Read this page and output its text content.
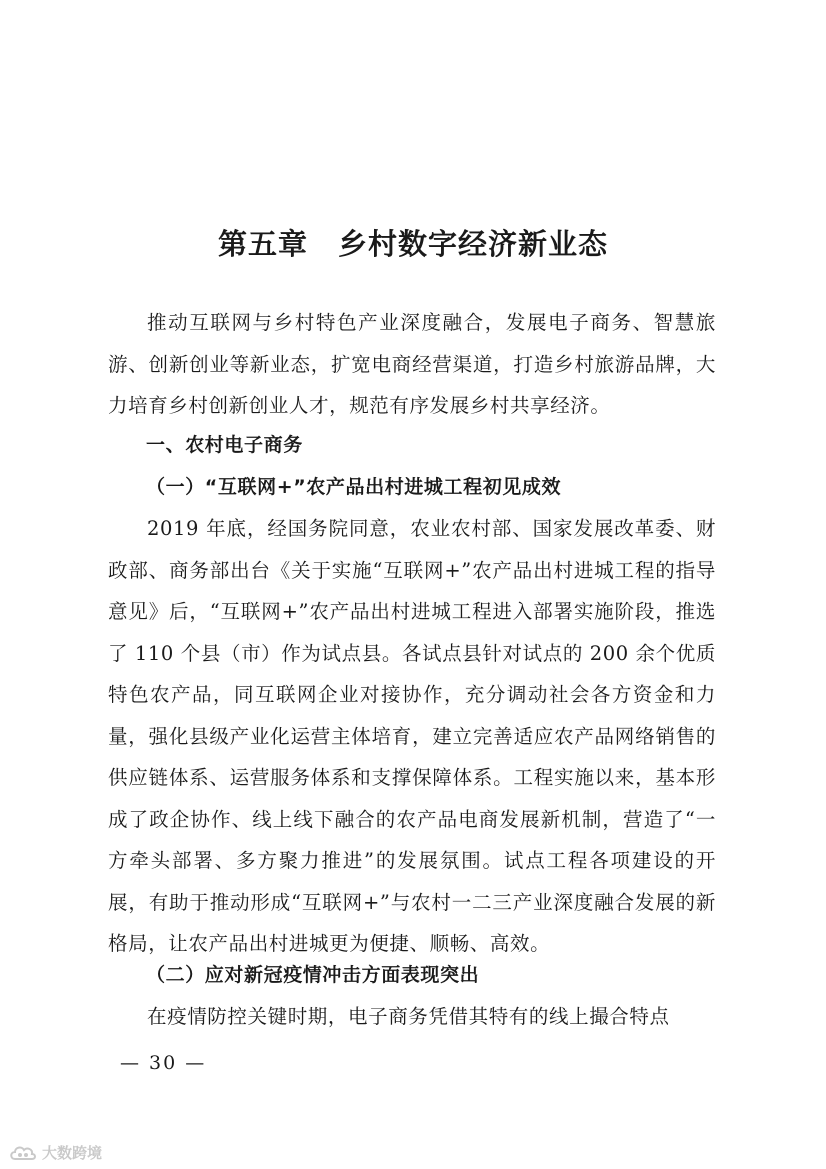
第五章　乡村数字经济新业态

推动互联网与乡村特色产业深度融合，发展电子商务、智慧旅游、创新创业等新业态，扩宽电商经营渠道，打造乡村旅游品牌，大力培育乡村创新创业人才，规范有序发展乡村共享经济。

一、农村电子商务

（一）“互联网+”农产品出村进城工程初见成效

2019 年底，经国务院同意，农业农村部、国家发展改革委、财政部、商务部出台《关于实施“互联网+”农产品出村进城工程的指导意见》后，“互联网+”农产品出村进城工程进入部署实施阶段，推选了 110 个县（市）作为试点县。各试点县针对试点的 200 余个优质特色农产品，同互联网企业对接协作，充分调动社会各方资金和力量，强化县级产业化运营主体培育，建立完善适应农产品网络销售的供应链体系、运营服务体系和支撑保障体系。工程实施以来，基本形成了政企协作、线上线下融合的农产品电商发展新机制，营造了“一方牵头部署、多方聚力推进”的发展氛围。试点工程各项建设的开展，有助于推动形成“互联网+”与农村一二三产业深度融合发展的新格局，让农产品出村进城更为便捷、顺畅、高效。

（二）应对新冠疫情冲击方面表现突出

在疫情防控关键时期，电子商务凭借其特有的线上撮合特点

— 30 —
大数跨境
